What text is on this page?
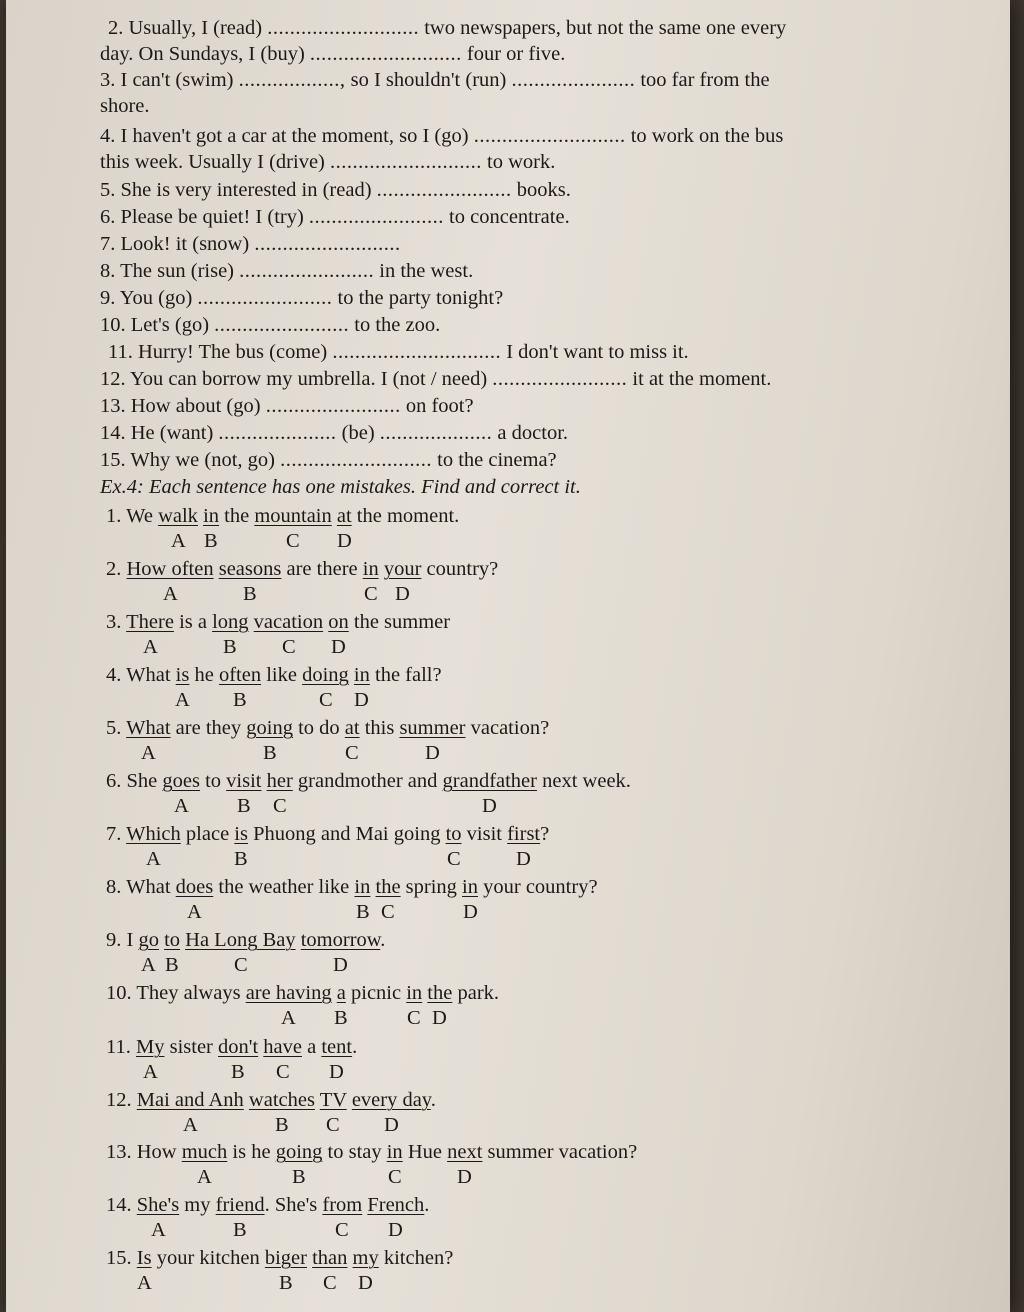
2. Usually, I (read) ........................... two newspapers, but not the same one every
day. On Sundays, I (buy) ........................... four or five.
3. I can't (swim) .................., so I shouldn't (run) ...................... too far from the
shore.
4. I haven't got a car at the moment, so I (go) ........................... to work on the bus
this week. Usually I (drive) ........................... to work.
5. She is very interested in (read) ........................ books.
6. Please be quiet! I (try) ........................ to concentrate.
7. Look! it (snow) ..........................
8. The sun (rise) ........................ in the west.
9. You (go) ........................ to the party tonight?
10. Let's (go) ........................ to the zoo.
11. Hurry! The bus (come) .............................. I don't want to miss it.
12. You can borrow my umbrella. I (not / need) ........................ it at the moment.
13. How about (go) ........................ on foot?
14. He (want) ..................... (be) .................... a doctor.
15. Why we (not, go) ........................... to the cinema?
Ex.4: Each sentence has one mistakes. Find and correct it.
1. We walk in the mountain at the moment.
A B	C D
2. How often seasons are there in your country?
A	B	C D
3. There is a long vacation on the summer
A	B C D
4. What is he often like doing in the fall?
A B	C D
5. What are they going to do at this summer vacation?
A	B	C	D
6. She goes to visit her grandmother and grandfather next week.
A B C	D
7. Which place is Phuong and Mai going to visit first?
A	B	C	D
8. What does the weather like in the spring in your country?
A	B C	D
9. I go to Ha Long Bay tomorrow.
A B	C	D
10. They always are having a picnic in the park.
A B	C D
11. My sister don't have a tent.
A	B C D
12. Mai and Anh watches TV every day.
A	B C D
13. How much is he going to stay in Hue next summer vacation?
A	B	C	D
14. She's my friend. She's from French.
A	B	C D
15. Is your kitchen biger than my kitchen?
A	B C D
